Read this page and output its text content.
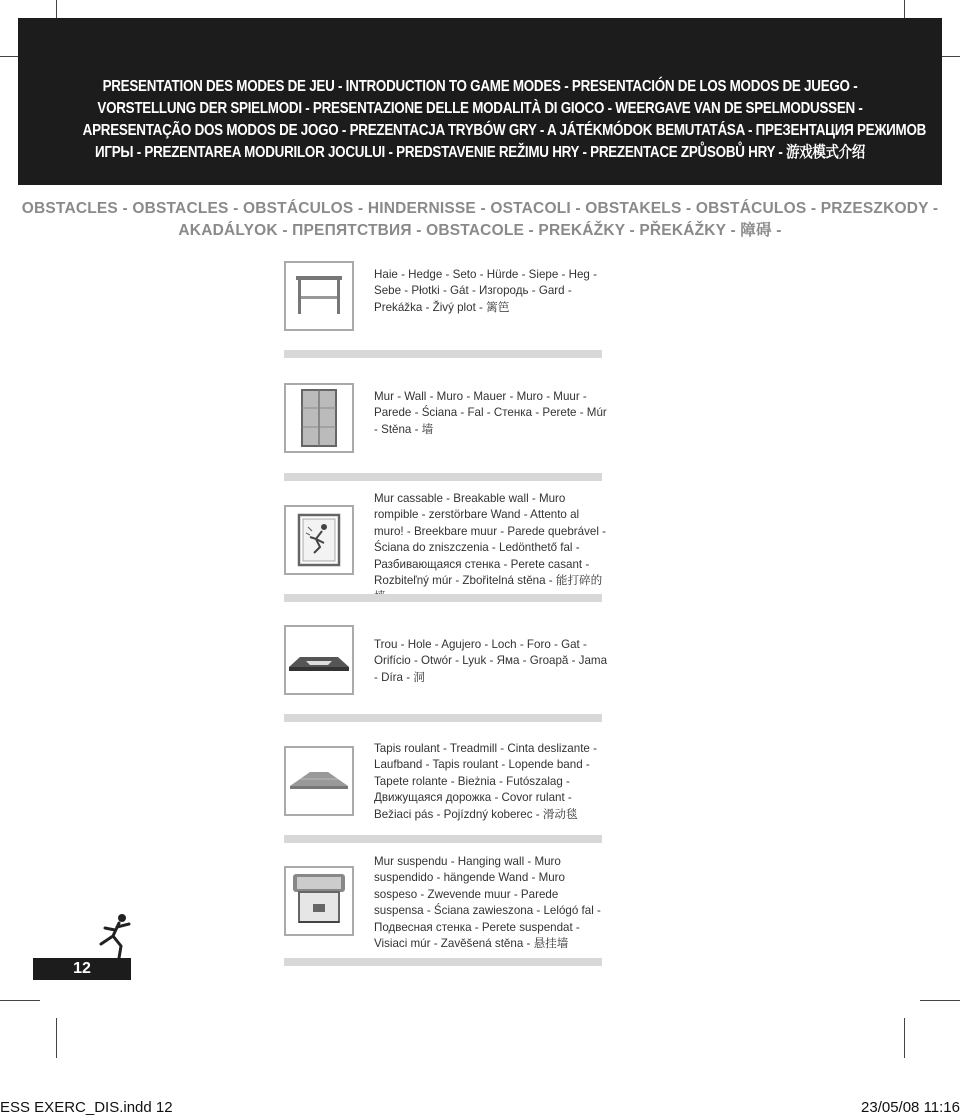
PRESENTATION DES MODES DE JEU - INTRODUCTION TO GAME MODES - PRESENTACIÓN DE LOS MODOS DE JUEGO -
VORSTELLUNG DER SPIELMODI - PRESENTAZIONE DELLE MODALITÀ DI GIOCO - WEERGAVE VAN DE SPELMODUSSEN -
APRESENTAÇÃO DOS MODOS DE JOGO - PREZENTACJA TRYBÓW GRY - A JÁTÉKMÓDOK BEMUTATÁSA - ПРЕЗЕНТАЦИЯ РЕЖИМОВ
ИГРЫ - PREZENTAREA MODURILOR JOCULUI - PREDSTAVENIE REŽIMU HRY - PREZENTACE ZPŮSOBŮ HRY - 游戏模式介绍
A
OBSTACLES - OBSTACLES - OBSTÁCULOS - HINDERNISSE - OSTACOLI - OBSTAKELS - OBSTÁCULOS - PRZESZKODY -
AKADÁLYOK - ПРЕПЯТСТВИЯ - OBSTACOLE - PREKÁŽKY - PŘEKÁŽKY - 障碍 -
Haie - Hedge - Seto - Hürde - Siepe - Heg - Sebe - Płotki - Gát - Изгородь - Gard - Prekážka - Živý plot - 篱笆
Mur - Wall - Muro - Mauer - Muro - Muur - Parede - Ściana - Fal - Стенка - Perete - Múr - Stěna - 墙
Mur cassable - Breakable wall - Muro rompible - zerstörbare Wand - Attento al muro! - Breekbare muur - Parede quebrável - Ściana do zniszczenia - Ledönthető fal - Разбивающаяся стенка - Perete casant - Rozbiteľný múr - Zbořitelná stěna - 能打碎的
Trou - Hole - Agujero - Loch - Foro - Gat - Orifício - Otwór - Lyuk - Яма - Groapă - Jama - Díra - 洞
Tapis roulant - Treadmill - Cinta deslizante - Laufband - Tapis roulant - Lopende band - Tapete rolante - Bieżnia - Futószalag - Движущаяся дорожка - Covor rulant - Bežiaci pás - Pojízdný koberec - 滑动毯
Mur suspendu - Hanging wall - Muro suspendido - hängende Wand - Muro sospeso - Zwevende muur - Parede suspensa - Ściana zawieszona - Lelógó fal - Подвесная стенка - Perete suspendat - Visiaci múr - Zavěšená stěna - 悬挂墙
12
ESS EXERC_DIS.indd 12	23/05/08 11:16
